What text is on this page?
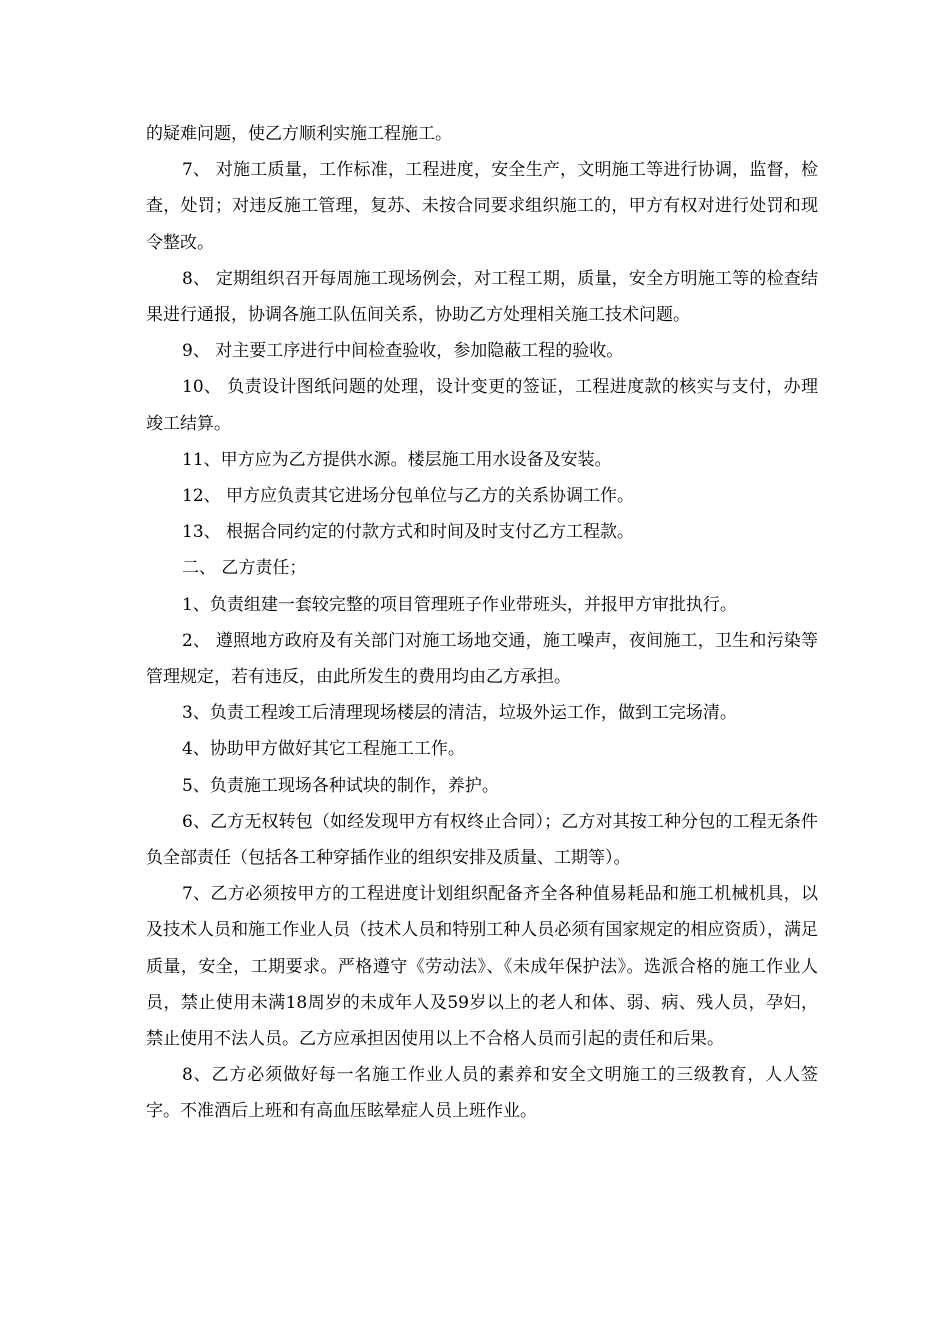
的疑难问题，使乙方顺利实施工程施工。

7、 对施工质量，工作标准，工程进度，安全生产，文明施工等进行协调，监督，检查，处罚；对违反施工管理，复苏、未按合同要求组织施工的，甲方有权对进行处罚和现令整改。

8、 定期组织召开每周施工现场例会，对工程工期，质量，安全方明施工等的检查结果进行通报，协调各施工队伍间关系，协助乙方处理相关施工技术问题。

9、 对主要工序进行中间检查验收，参加隐蔽工程的验收。

10、 负责设计图纸问题的处理，设计变更的签证，工程进度款的核实与支付，办理竣工结算。

11、甲方应为乙方提供水源。楼层施工用水设备及安装。

12、 甲方应负责其它进场分包单位与乙方的关系协调工作。

13、 根据合同约定的付款方式和时间及时支付乙方工程款。

二、 乙方责任；

1、负责组建一套较完整的项目管理班子作业带班头，并报甲方审批执行。

2、 遵照地方政府及有关部门对施工场地交通，施工噪声，夜间施工，卫生和污染等管理规定，若有违反，由此所发生的费用均由乙方承担。

3、负责工程竣工后清理现场楼层的清洁，垃圾外运工作，做到工完场清。

4、协助甲方做好其它工程施工工作。

5、负责施工现场各种试块的制作，养护。

6、乙方无权转包（如经发现甲方有权终止合同）；乙方对其按工种分包的工程无条件负全部责任（包括各工种穿插作业的组织安排及质量、工期等）。

7、乙方必须按甲方的工程进度计划组织配备齐全各种值易耗品和施工机械机具，以及技术人员和施工作业人员（技术人员和特别工种人员必须有国家规定的相应资质），满足质量，安全，工期要求。严格遵守《劳动法》、《未成年保护法》。选派合格的施工作业人员，禁止使用未满18周岁的未成年人及59岁以上的老人和体、弱、病、残人员，孕妇，禁止使用不法人员。乙方应承担因使用以上不合格人员而引起的责任和后果。

8、乙方必须做好每一名施工作业人员的素养和安全文明施工的三级教育，人人签字。不准酒后上班和有高血压眩晕症人员上班作业。
